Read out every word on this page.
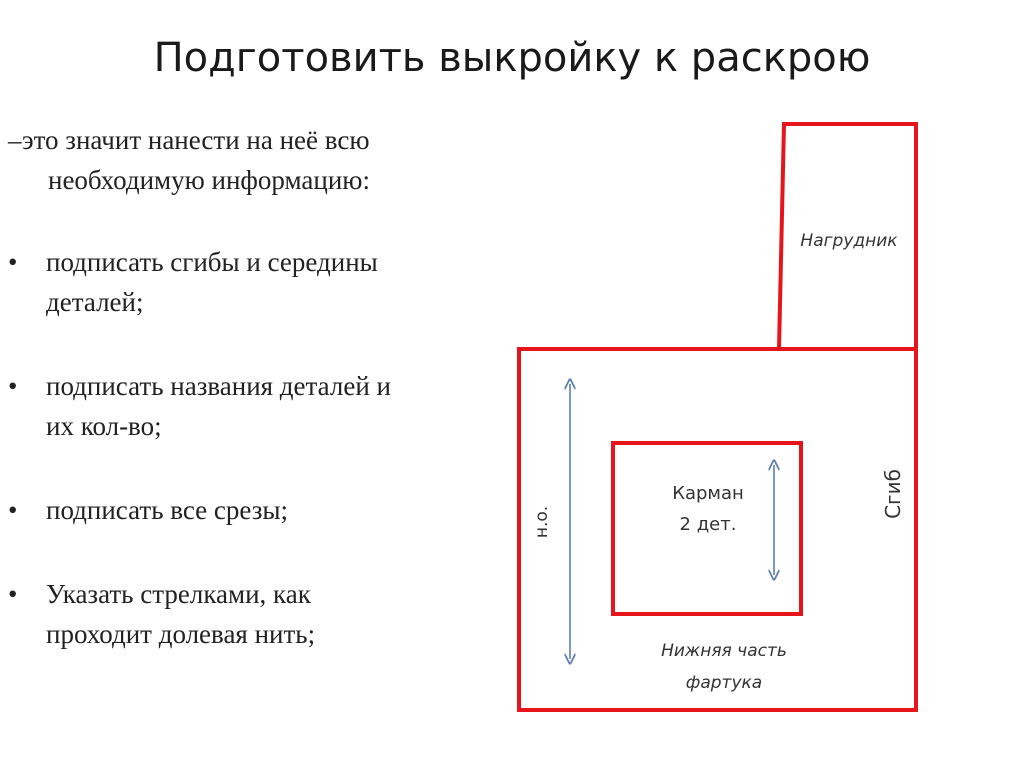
Подготовить выкройку к раскрою

–это значит нанести на неё всю необходимую информацию:

• подписать сгибы и середины деталей;
• подписать названия деталей и их кол-во;
• подписать все срезы;
• Указать стрелками, как проходит долевая нить;
Нагрудник
Карман
2 дет.
н.о.
Сгиб
Нижняя часть
фартука
